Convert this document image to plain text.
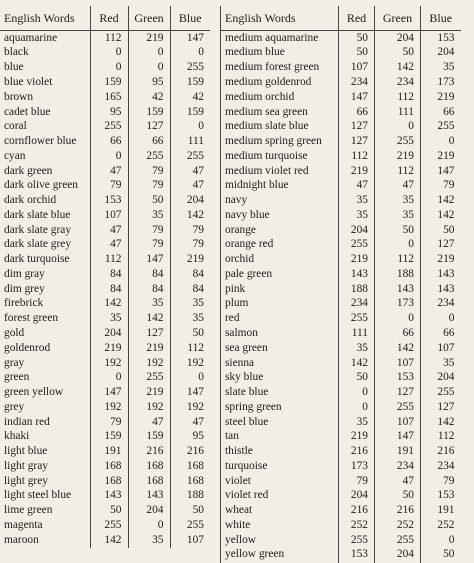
English Words	Red	Green	Blue
aquamarine	112	219	147
black	0	0	0
blue	0	0	255
blue violet	159	95	159
brown	165	42	42
cadet blue	95	159	159
coral	255	127	0
cornflower blue	66	66	111
cyan	0	255	255
dark green	47	79	47
dark olive green	79	79	47
dark orchid	153	50	204
dark slate blue	107	35	142
dark slate gray	47	79	79
dark slate grey	47	79	79
dark turquoise	112	147	219
dim gray	84	84	84
dim grey	84	84	84
firebrick	142	35	35
forest green	35	142	35
gold	204	127	50
goldenrod	219	219	112
gray	192	192	192
green	0	255	0
green yellow	147	219	147
grey	192	192	192
indian red	79	47	47
khaki	159	159	95
light blue	191	216	216
light gray	168	168	168
light grey	168	168	168
light steel blue	143	143	188
lime green	50	204	50
magenta	255	0	255
maroon	142	35	107
English Words	Red	Green	Blue
medium aquamarine	50	204	153
medium blue	50	50	204
medium forest green	107	142	35
medium goldenrod	234	234	173
medium orchid	147	112	219
medium sea green	66	111	66
medium slate blue	127	0	255
medium spring green	127	255	0
medium turquoise	112	219	219
medium violet red	219	112	147
midnight blue	47	47	79
navy	35	35	142
navy blue	35	35	142
orange	204	50	50
orange red	255	0	127
orchid	219	112	219
pale green	143	188	143
pink	188	143	143
plum	234	173	234
red	255	0	0
salmon	111	66	66
sea green	35	142	107
sienna	142	107	35
sky blue	50	153	204
slate blue	0	127	255
spring green	0	255	127
steel blue	35	107	142
tan	219	147	112
thistle	216	191	216
turquoise	173	234	234
violet	79	47	79
violet red	204	50	153
wheat	216	216	191
white	252	252	252
yellow	255	255	0
yellow green	153	204	50
